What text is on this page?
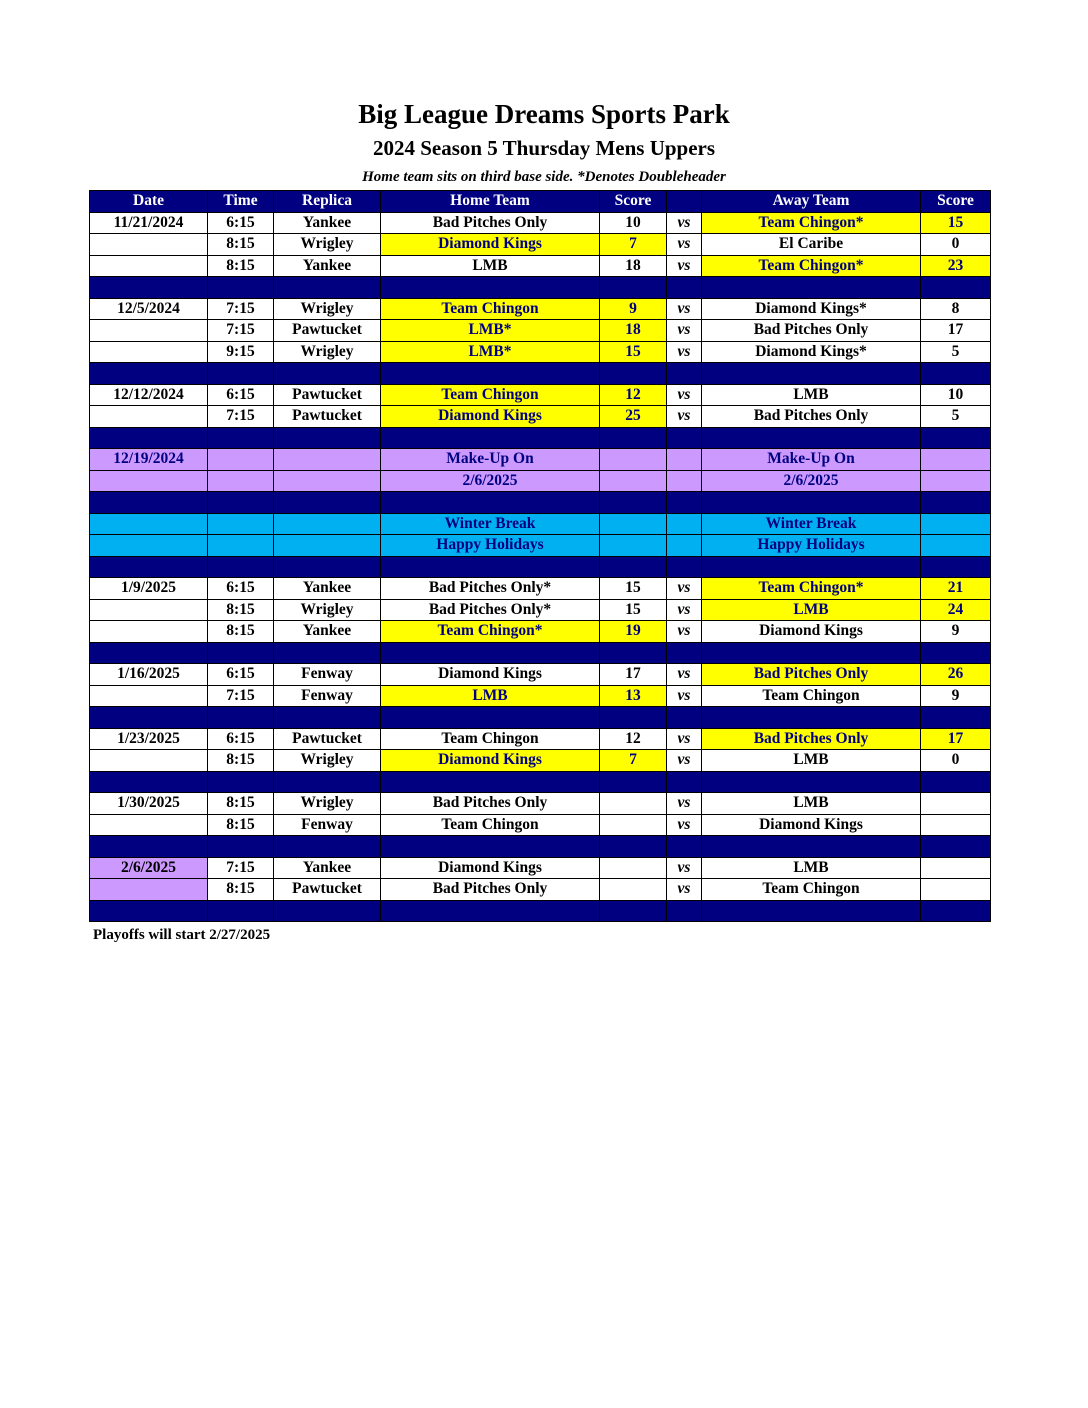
Big League Dreams Sports Park
2024 Season 5 Thursday Mens Uppers
Home team sits on third base side. *Denotes Doubleheader
Date	Time	Replica	Home Team	Score		Away Team	Score
11/21/2024	6:15	Yankee	Bad Pitches Only	10	vs	Team Chingon*	15
	8:15	Wrigley	Diamond Kings	7	vs	El Caribe	0
	8:15	Yankee	LMB	18	vs	Team Chingon*	23

12/5/2024	7:15	Wrigley	Team Chingon	9	vs	Diamond Kings*	8
	7:15	Pawtucket	LMB*	18	vs	Bad Pitches Only	17
	9:15	Wrigley	LMB*	15	vs	Diamond Kings*	5

12/12/2024	6:15	Pawtucket	Team Chingon	12	vs	LMB	10
	7:15	Pawtucket	Diamond Kings	25	vs	Bad Pitches Only	5

12/19/2024			Make-Up On			Make-Up On	
			2/6/2025			2/6/2025	

			Winter Break			Winter Break	
			Happy Holidays			Happy Holidays	

1/9/2025	6:15	Yankee	Bad Pitches Only*	15	vs	Team Chingon*	21
	8:15	Wrigley	Bad Pitches Only*	15	vs	LMB	24
	8:15	Yankee	Team Chingon*	19	vs	Diamond Kings	9

1/16/2025	6:15	Fenway	Diamond Kings	17	vs	Bad Pitches Only	26
	7:15	Fenway	LMB	13	vs	Team Chingon	9

1/23/2025	6:15	Pawtucket	Team Chingon	12	vs	Bad Pitches Only	17
	8:15	Wrigley	Diamond Kings	7	vs	LMB	0

1/30/2025	8:15	Wrigley	Bad Pitches Only		vs	LMB	
	8:15	Fenway	Team Chingon		vs	Diamond Kings	

2/6/2025	7:15	Yankee	Diamond Kings		vs	LMB	
	8:15	Pawtucket	Bad Pitches Only		vs	Team Chingon	

Playoffs will start 2/27/2025
